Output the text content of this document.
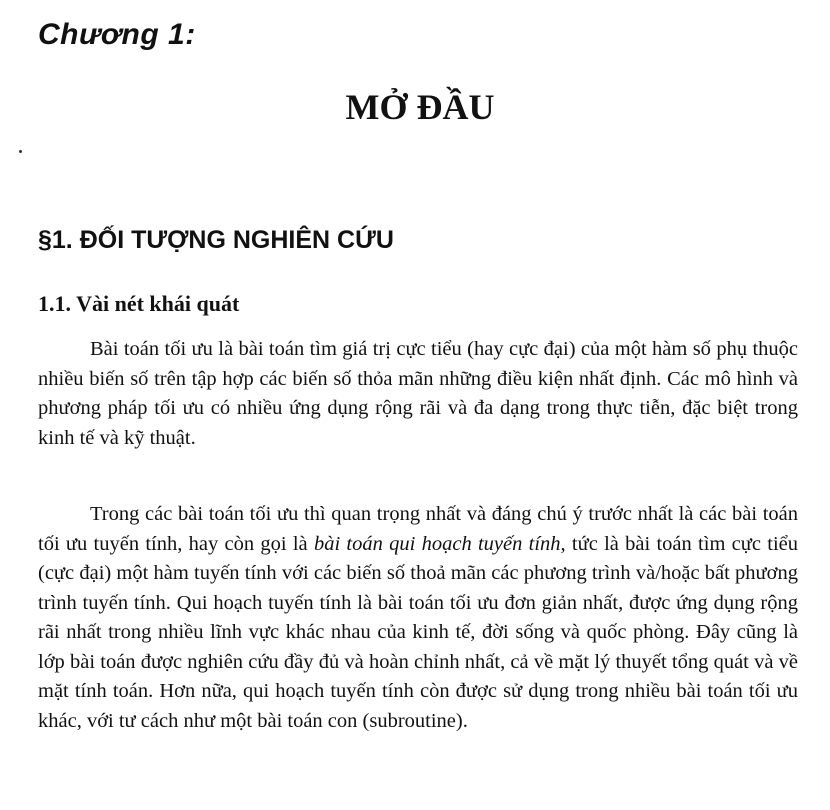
Chương 1:
MỞ ĐẦU
§1. ĐỐI TƯỢNG NGHIÊN CỨU
1.1. Vài nét khái quát

Bài toán tối ưu là bài toán tìm giá trị cực tiểu (hay cực đại) của một hàm số phụ thuộc nhiều biến số trên tập hợp các biến số thỏa mãn những điều kiện nhất định. Các mô hình và phương pháp tối ưu có nhiều ứng dụng rộng rãi và đa dạng trong thực tiễn, đặc biệt trong kinh tế và kỹ thuật.

Trong các bài toán tối ưu thì quan trọng nhất và đáng chú ý trước nhất là các bài toán tối ưu tuyến tính, hay còn gọi là bài toán qui hoạch tuyến tính, tức là bài toán tìm cực tiểu (cực đại) một hàm tuyến tính với các biến số thoả mãn các phương trình và/hoặc bất phương trình tuyến tính. Qui hoạch tuyến tính là bài toán tối ưu đơn giản nhất, được ứng dụng rộng rãi nhất trong nhiều lĩnh vực khác nhau của kinh tế, đời sống và quốc phòng. Đây cũng là lớp bài toán được nghiên cứu đầy đủ và hoàn chỉnh nhất, cả về mặt lý thuyết tổng quát và về mặt tính toán. Hơn nữa, qui hoạch tuyến tính còn được sử dụng trong nhiều bài toán tối ưu khác, với tư cách như một bài toán con (subroutine).
